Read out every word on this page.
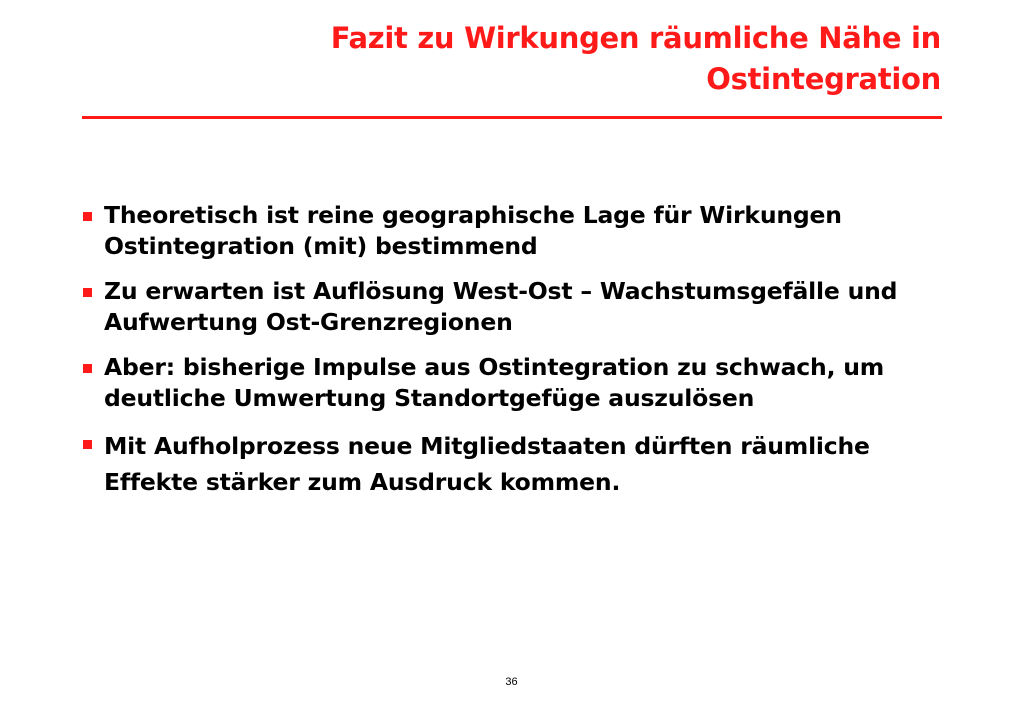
Fazit zu Wirkungen räumliche Nähe in Ostintegration
Theoretisch ist reine geographische Lage für Wirkungen Ostintegration (mit) bestimmend
Zu erwarten ist Auflösung West-Ost – Wachstumsgefälle und Aufwertung Ost-Grenzregionen
Aber: bisherige Impulse aus Ostintegration zu schwach, um deutliche Umwertung Standortgefüge auszulösen
Mit Aufholprozess neue Mitgliedstaaten dürften räumliche Effekte stärker zum Ausdruck kommen.
36
